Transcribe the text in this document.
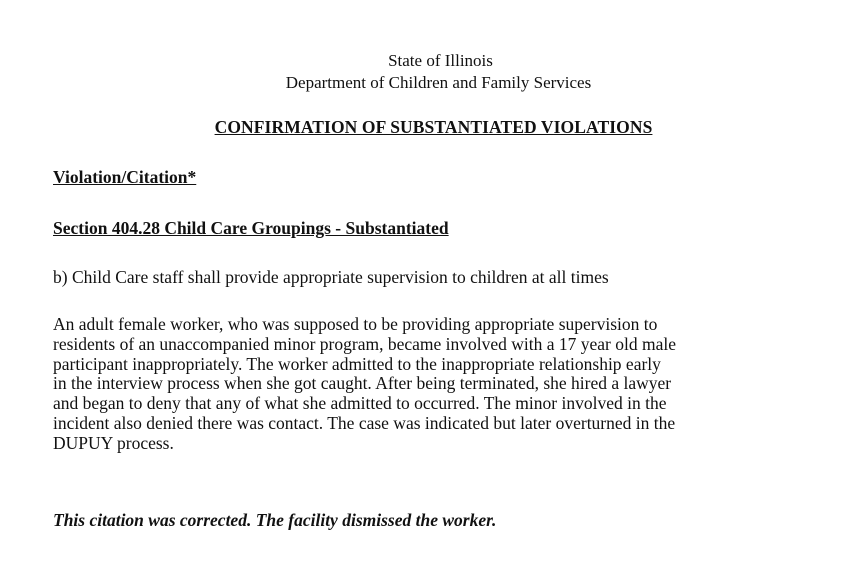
State of Illinois
Department of Children and Family Services
CONFIRMATION OF SUBSTANTIATED VIOLATIONS
Violation/Citation*
Section 404.28 Child Care Groupings - Substantiated
b) Child Care staff shall provide appropriate supervision to children at all times
An adult female worker, who was supposed to be providing appropriate supervision to
residents of an unaccompanied minor program, became involved with a 17 year old male
participant inappropriately. The worker admitted to the inappropriate relationship early
in the interview process when she got caught. After being terminated, she hired a lawyer
and began to deny that any of what she admitted to occurred. The minor involved in the
incident also denied there was contact. The case was indicated but later overturned in the
DUPUY process.
This citation was corrected. The facility dismissed the worker.
